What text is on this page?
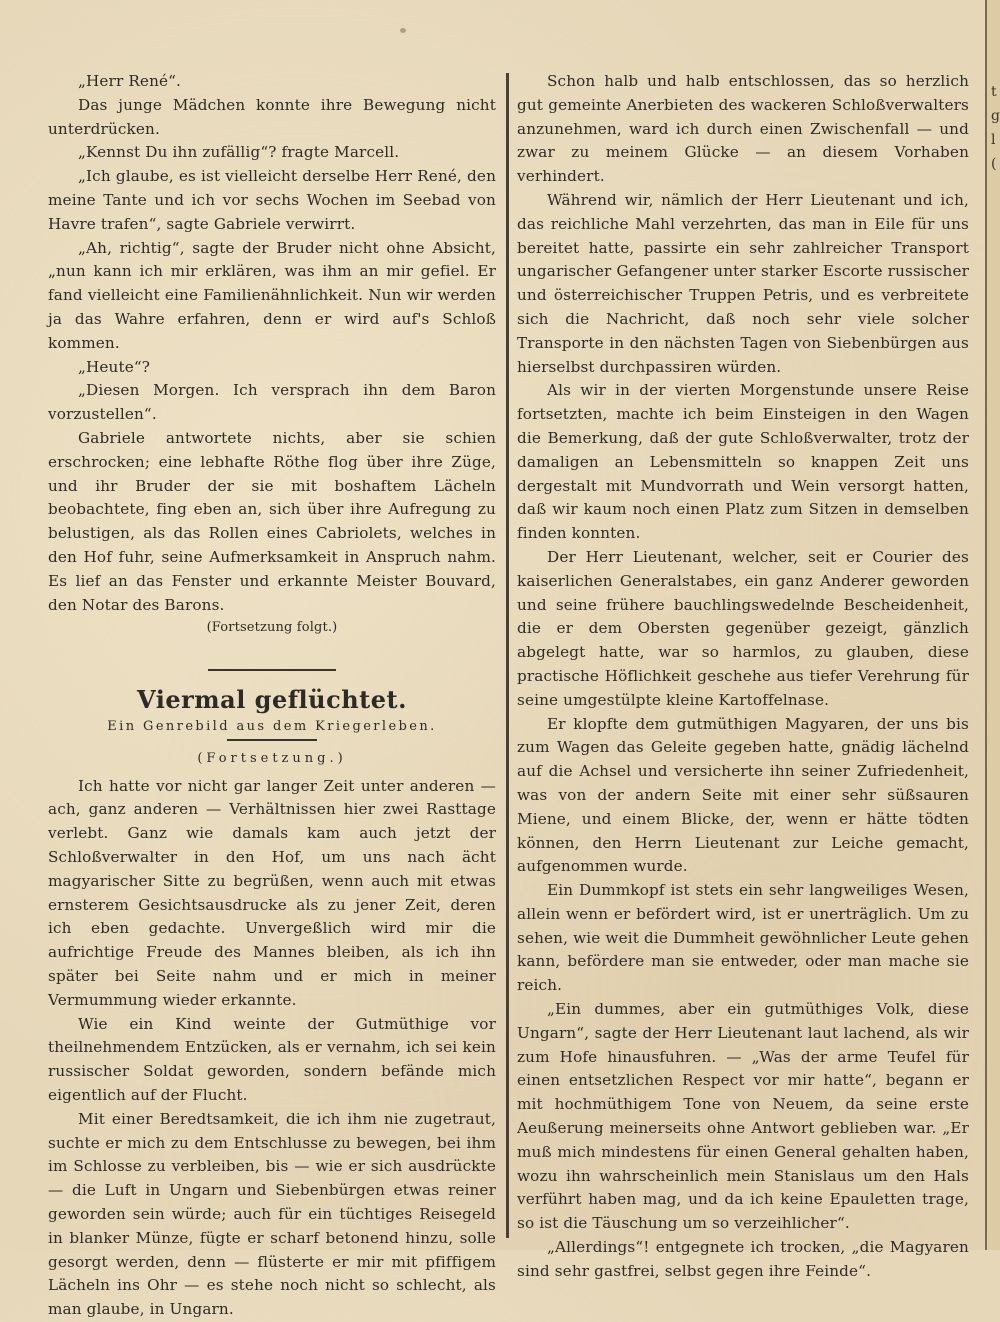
„Herr René“.

Das junge Mädchen konnte ihre Bewegung nicht unterdrücken.

„Kennst Du ihn zufällig“? fragte Marcell.

„Ich glaube, es ist vielleicht derselbe Herr René, den meine Tante und ich vor sechs Wochen im Seebad von Havre trafen“, sagte Gabriele verwirrt.

„Ah, richtig“, sagte der Bruder nicht ohne Absicht, „nun kann ich mir erklären, was ihm an mir gefiel. Er fand vielleicht eine Familienähnlichkeit. Nun wir werden ja das Wahre erfahren, denn er wird auf's Schloß kommen.

„Heute“?

„Diesen Morgen. Ich versprach ihn dem Baron vorzustellen“.

Gabriele antwortete nichts, aber sie schien erschrocken; eine lebhafte Röthe flog über ihre Züge, und ihr Bruder der sie mit boshaftem Lächeln beobachtete, fing eben an, sich über ihre Aufregung zu belustigen, als das Rollen eines Cabriolets, welches in den Hof fuhr, seine Aufmerksamkeit in Anspruch nahm. Es lief an das Fenster und erkannte Meister Bouvard, den Notar des Barons.

(Fortsetzung folgt.)

Viermal geflüchtet.
Ein Genrebild aus dem Kriegerleben.
(Fortsetzung.)

Ich hatte vor nicht gar langer Zeit unter anderen — ach, ganz anderen — Verhältnissen hier zwei Rasttage verlebt. Ganz wie damals kam auch jetzt der Schloßverwalter in den Hof, um uns nach ächt magyarischer Sitte zu begrüßen, wenn auch mit etwas ernsterem Gesichtsausdrucke als zu jener Zeit, deren ich eben gedachte. Unvergeßlich wird mir die aufrichtige Freude des Mannes bleiben, als ich ihn später bei Seite nahm und er mich in meiner Vermummung wieder erkannte.

Wie ein Kind weinte der Gutmüthige vor theilnehmendem Entzücken, als er vernahm, ich sei kein russischer Soldat geworden, sondern befände mich eigentlich auf der Flucht.

Mit einer Beredtsamkeit, die ich ihm nie zugetraut, suchte er mich zu dem Entschlusse zu bewegen, bei ihm im Schlosse zu verbleiben, bis — wie er sich ausdrückte — die Luft in Ungarn und Siebenbürgen etwas reiner geworden sein würde; auch für ein tüchtiges Reisegeld in blanker Münze, fügte er scharf betonend hinzu, solle gesorgt werden, denn — flüsterte er mir mit pfiffigem Lächeln ins Ohr — es stehe noch nicht so schlecht, als man glaube, in Ungarn.

Schon halb und halb entschlossen, das so herzlich gut gemeinte Anerbieten des wackeren Schloßverwalters anzunehmen, ward ich durch einen Zwischenfall — und zwar zu meinem Glücke — an diesem Vorhaben verhindert.

Während wir, nämlich der Herr Lieutenant und ich, das reichliche Mahl verzehrten, das man in Eile für uns bereitet hatte, passirte ein sehr zahlreicher Transport ungarischer Gefangener unter starker Escorte russischer und österreichischer Truppen Petris, und es verbreitete sich die Nachricht, daß noch sehr viele solcher Transporte in den nächsten Tagen von Siebenbürgen aus hierselbst durchpassiren würden.

Als wir in der vierten Morgenstunde unsere Reise fortsetzten, machte ich beim Einsteigen in den Wagen die Bemerkung, daß der gute Schloßverwalter, trotz der damaligen an Lebensmitteln so knappen Zeit uns dergestalt mit Mundvorrath und Wein versorgt hatten, daß wir kaum noch einen Platz zum Sitzen in demselben finden konnten.

Der Herr Lieutenant, welcher, seit er Courier des kaiserlichen Generalstabes, ein ganz Anderer geworden und seine frühere bauchlingswedelnde Bescheidenheit, die er dem Obersten gegenüber gezeigt, gänzlich abgelegt hatte, war so harmlos, zu glauben, diese practische Höflichkeit geschehe aus tiefer Verehrung für seine umgestülpte kleine Kartoffelnase.

Er klopfte dem gutmüthigen Magyaren, der uns bis zum Wagen das Geleite gegeben hatte, gnädig lächelnd auf die Achsel und versicherte ihn seiner Zufriedenheit, was von der andern Seite mit einer sehr süßsauren Miene, und einem Blicke, der, wenn er hätte tödten können, den Herrn Lieutenant zur Leiche gemacht, aufgenommen wurde.

Ein Dummkopf ist stets ein sehr langweiliges Wesen, allein wenn er befördert wird, ist er unerträglich. Um zu sehen, wie weit die Dummheit gewöhnlicher Leute gehen kann, befördere man sie entweder, oder man mache sie reich.

„Ein dummes, aber ein gutmüthiges Volk, diese Ungarn“, sagte der Herr Lieutenant laut lachend, als wir zum Hofe hinausfuhren. — „Was der arme Teufel für einen entsetzlichen Respect vor mir hatte“, begann er mit hochmüthigem Tone von Neuem, da seine erste Aeußerung meinerseits ohne Antwort geblieben war. „Er muß mich mindestens für einen General gehalten haben, wozu ihn wahrscheinlich mein Stanislaus um den Hals verführt haben mag, und da ich keine Epauletten trage, so ist die Täuschung um so verzeihlicher“.

„Allerdings“! entgegnete ich trocken, „die Magyaren sind sehr gastfrei, selbst gegen ihre Feinde“.

t
g
l
(
